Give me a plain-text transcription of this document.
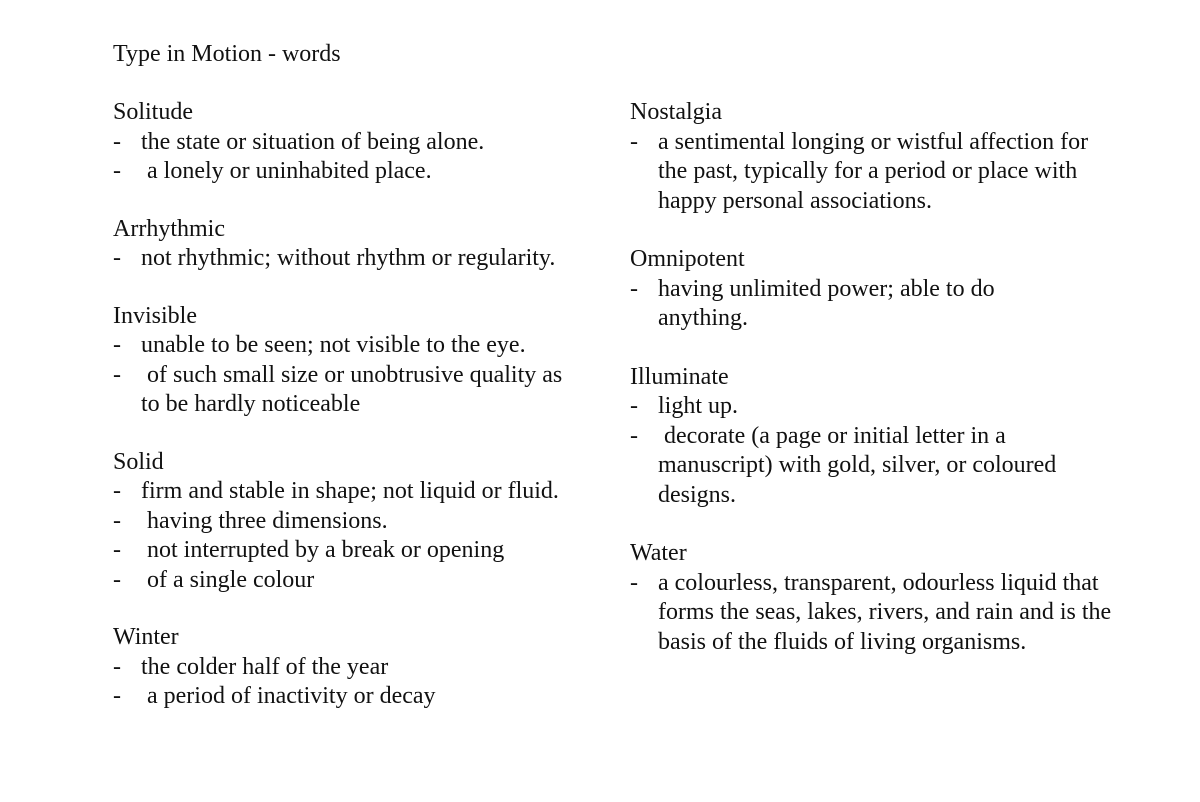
Type in Motion - words
Solitude
- the state or situation of being alone.
- a lonely or uninhabited place.
Arrhythmic
- not rhythmic; without rhythm or regularity.
Invisible
- unable to be seen; not visible to the eye.
- of such small size or unobtrusive quality as to be hardly noticeable
Solid
- firm and stable in shape; not liquid or fluid.
- having three dimensions.
- not interrupted by a break or opening
- of a single colour
Winter
- the colder half of the year
- a period of inactivity or decay
Nostalgia
- a sentimental longing or wistful affection for the past, typically for a period or place with happy personal associations.
Omnipotent
- having unlimited power; able to do anything.
Illuminate
- light up.
- decorate (a page or initial letter in a manuscript) with gold, silver, or coloured designs.
Water
- a colourless, transparent, odourless liquid that forms the seas, lakes, rivers, and rain and is the basis of the fluids of living organisms.
